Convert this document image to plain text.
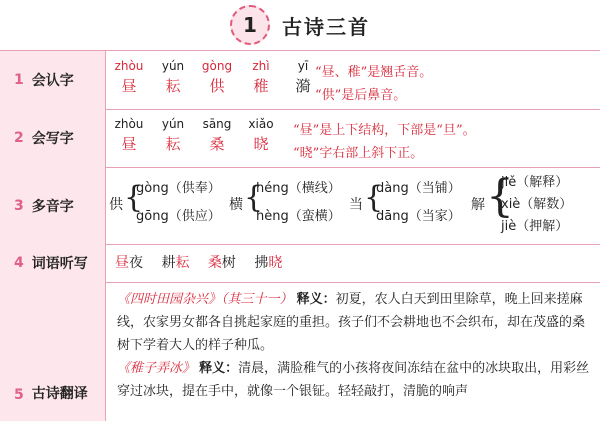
1	古诗三首
1 会认字
zhòu
昼
yún
耘
gòng
供
zhì
稚
yī
漪
“昼、稚”是翘舌音。
“供”是后鼻音。
2 会写字
zhòu
昼
yún
耘
sāng
桑
xiǎo
晓
“昼”是上下结构，下部是“旦”。
“晓”字右部上斜下正。
3 多音字	供 {
gòng（供奉）
gōng（供应）
横 {
héng（横线）
hèng（蛮横）
当 {
dàng（当铺）
dāng（当家）
解 {
jiě（解释）
xiè（解数）
jiè（押解）
4 词语听写 昼夜 耕耘 桑树 拂晓
5 古诗翻译

《四时田园杂兴》（其三十一） 释义：初夏，农人白天到田里除草，晚上回来搓麻线，农家男女都各自挑起家庭的重担。孩子们不会耕地也不会织布，却在茂盛的桑树下学着大人的样子种瓜。

《稚子弄冰》 释义：清晨，满脸稚气的小孩将夜间冻结在盆中的冰块取出，用彩丝穿过冰块，提在手中，就像一个银钲。轻轻敲打，清脆的响声
